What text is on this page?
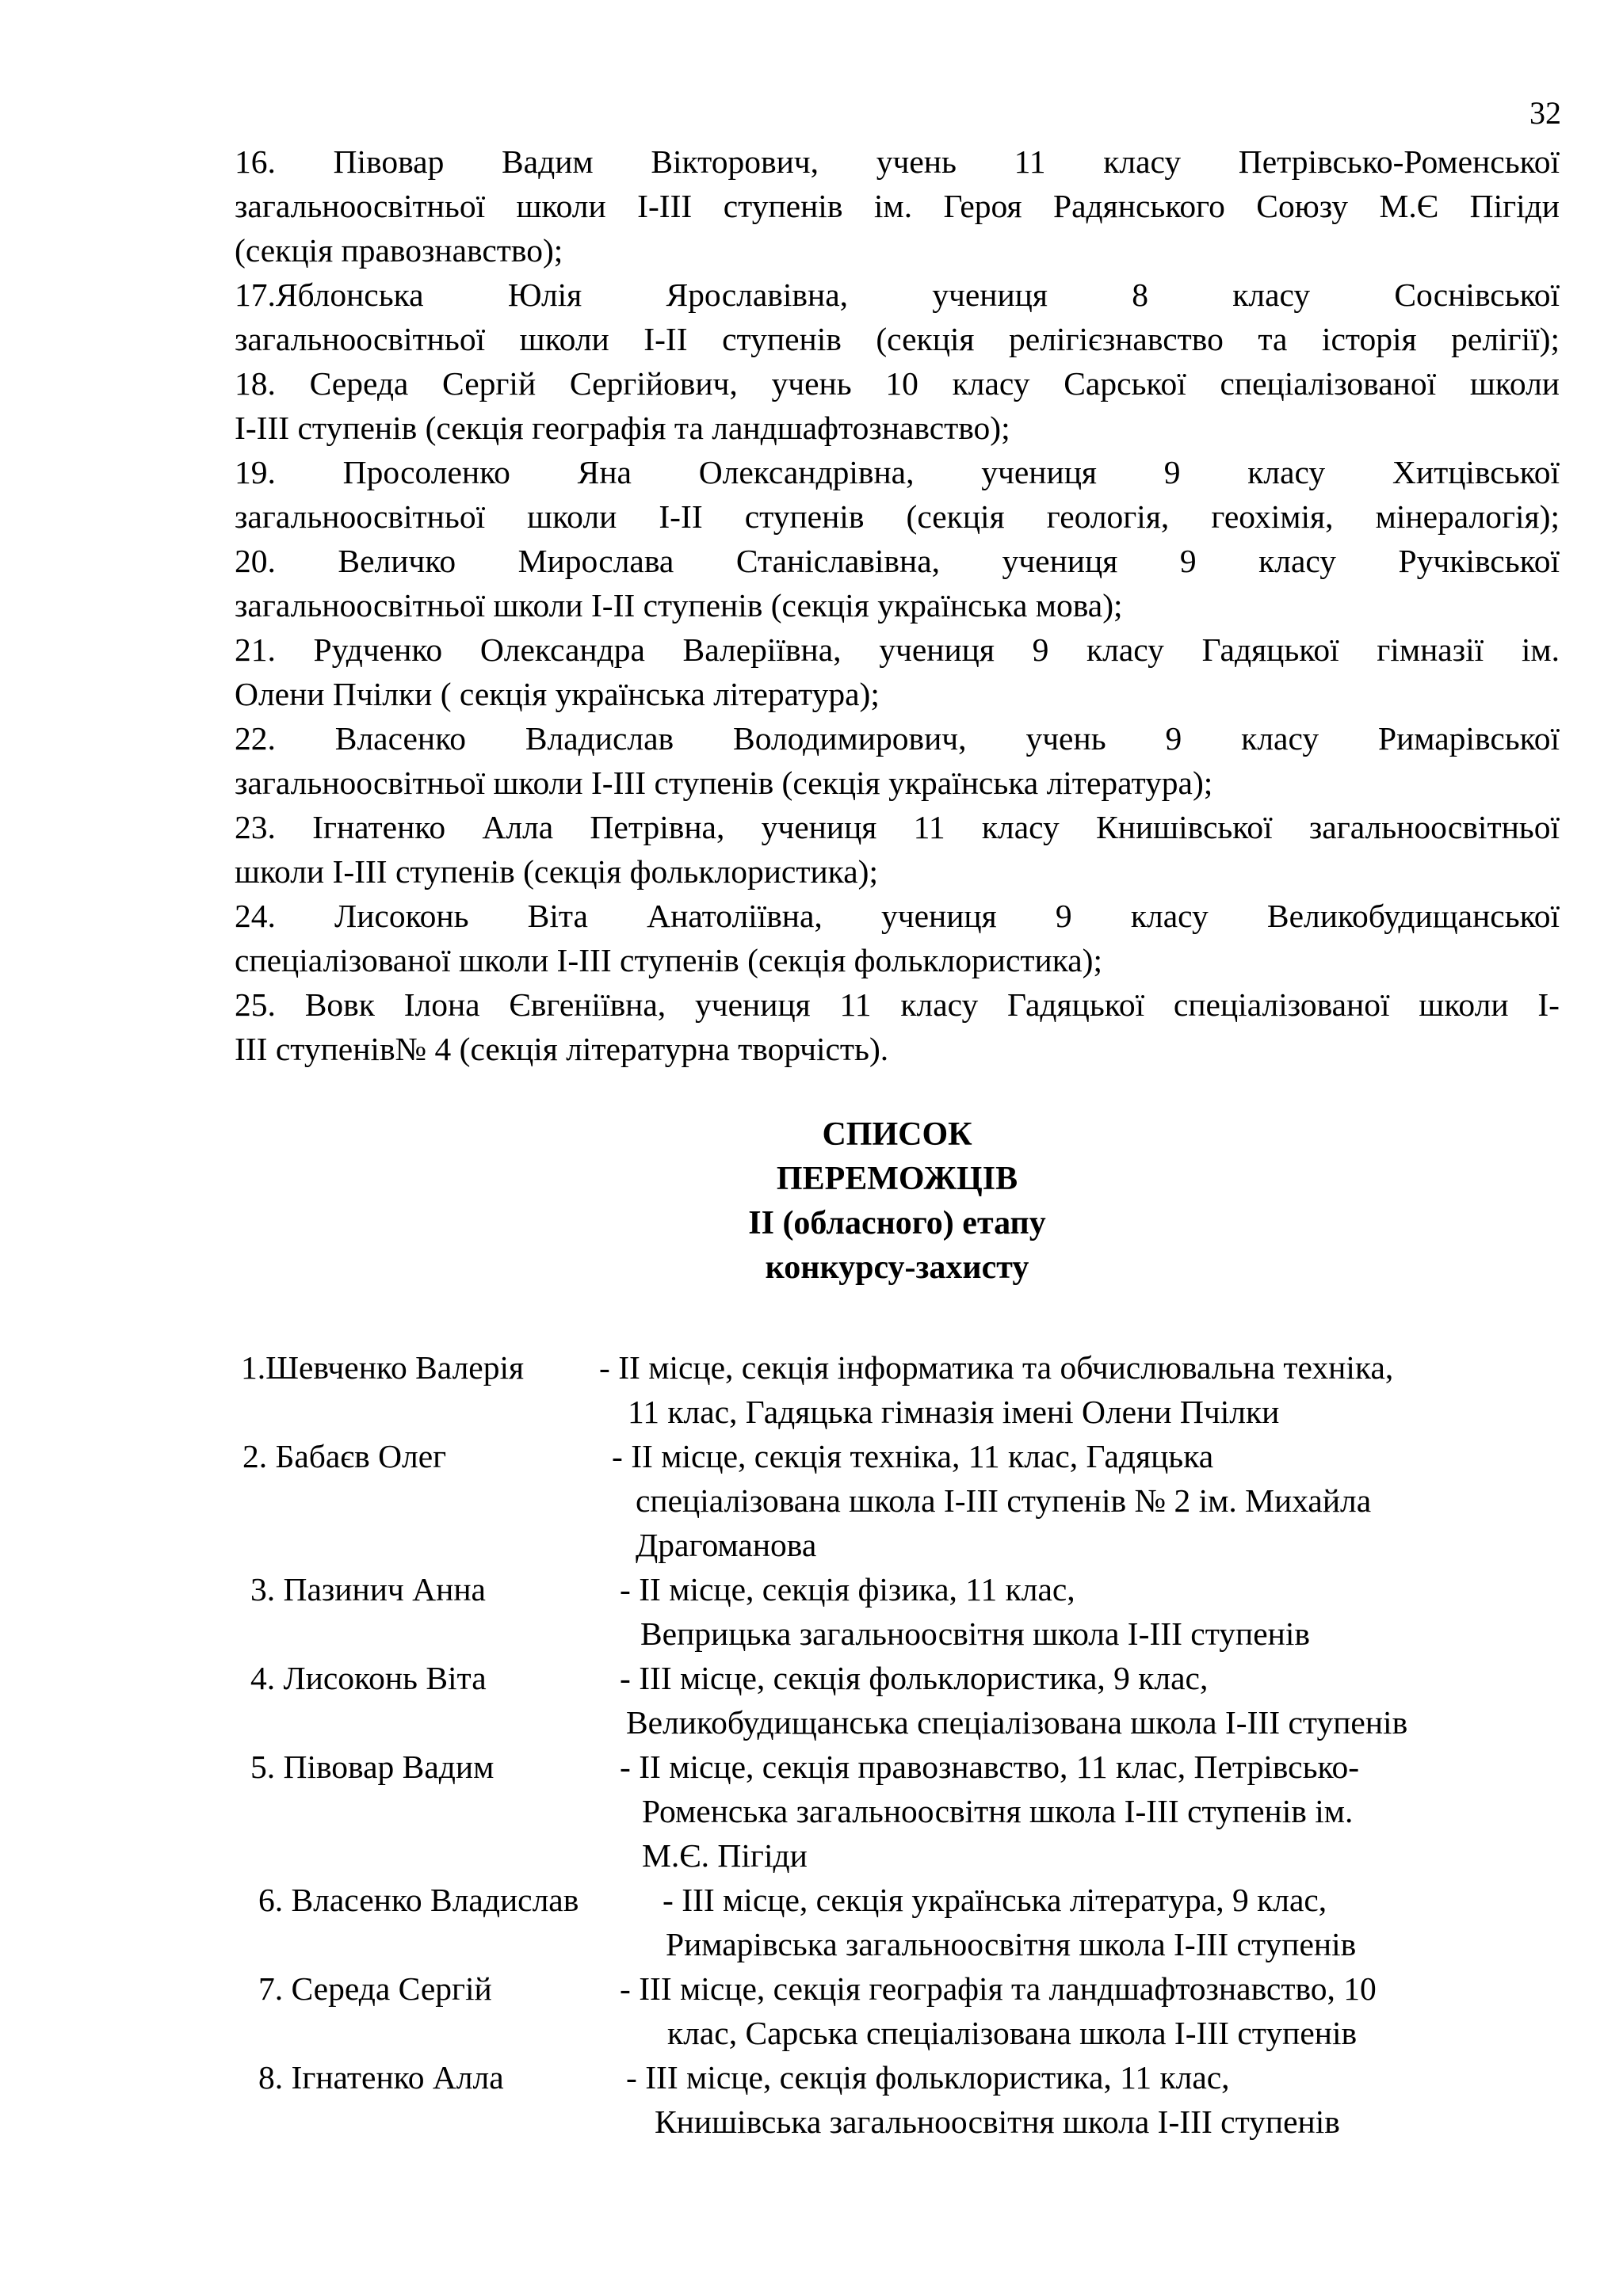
32
16. Півовар Вадим Вікторович, учень 11 класу Петрівсько-Роменської
загальноосвітньої школи І-ІІІ ступенів ім. Героя Радянського Союзу М.Є Пігіди
(секція правознавство);
17.Яблонська Юлія Ярославівна, учениця 8 класу Соснівської
загальноосвітньої школи І-ІІ ступенів (секція релігієзнавство та історія релігії);
18. Середа Сергій Сергійович, учень 10 класу Сарської спеціалізованої школи
І-ІІІ ступенів (секція географія та ландшафтознавство);
19. Просоленко Яна Олександрівна, учениця 9 класу Хитцівської
загальноосвітньої школи І-ІІ ступенів (секція геологія, геохімія, мінералогія);
20. Величко Мирослава Станіславівна, учениця 9 класу Ручківської
загальноосвітньої школи І-ІІ ступенів (секція українська мова);
21. Рудченко Олександра Валеріївна, учениця 9 класу Гадяцької гімназії ім.
Олени Пчілки ( секція українська література);
22. Власенко Владислав Володимирович, учень 9 класу Римарівської
загальноосвітньої школи І-ІІІ ступенів (секція українська література);
23. Ігнатенко Алла Петрівна, учениця 11 класу Книшівської загальноосвітньої
школи І-ІІІ ступенів (секція фольклористика);
24. Лисоконь Віта Анатоліївна, учениця 9 класу Великобудищанської
спеціалізованої школи І-ІІІ ступенів (секція фольклористика);
25. Вовк Ілона Євгеніївна, учениця 11 класу Гадяцької спеціалізованої школи І-
ІІІ ступенів№ 4 (секція літературна творчість).
СПИСОК
ПЕРЕМОЖЦІВ
ІІ (обласного) етапу
конкурсу-захисту
1.Шевченко Валерія - ІІ місце, секція інформатика та обчислювальна техніка,
11 клас, Гадяцька гімназія імені Олени Пчілки
2. Бабаєв Олег	- ІІ місце, секція техніка, 11 клас, Гадяцька
спеціалізована школа І-ІІІ ступенів № 2 ім. Михайла
Драгоманова
3. Пазинич Анна	- ІІ місце, секція фізика, 11 клас,
Веприцька загальноосвітня школа І-ІІІ ступенів
4. Лисоконь Віта	- ІІІ місце, секція фольклористика, 9 клас,
Великобудищанська спеціалізована школа І-ІІІ ступенів
5. Півовар Вадим	- ІІ місце, секція правознавство, 11 клас, Петрівсько-
Роменська загальноосвітня школа І-ІІІ ступенів ім.
М.Є. Пігіди
6. Власенко Владислав	- ІІІ місце, секція українська література, 9 клас,
Римарівська загальноосвітня школа І-ІІІ ступенів
7. Середа Сергій	- ІІІ місце, секція географія та ландшафтознавство, 10
клас, Сарська спеціалізована школа І-ІІІ ступенів
8. Ігнатенко Алла	- ІІІ місце, секція фольклористика, 11 клас,
Книшівська загальноосвітня школа І-ІІІ ступенів
